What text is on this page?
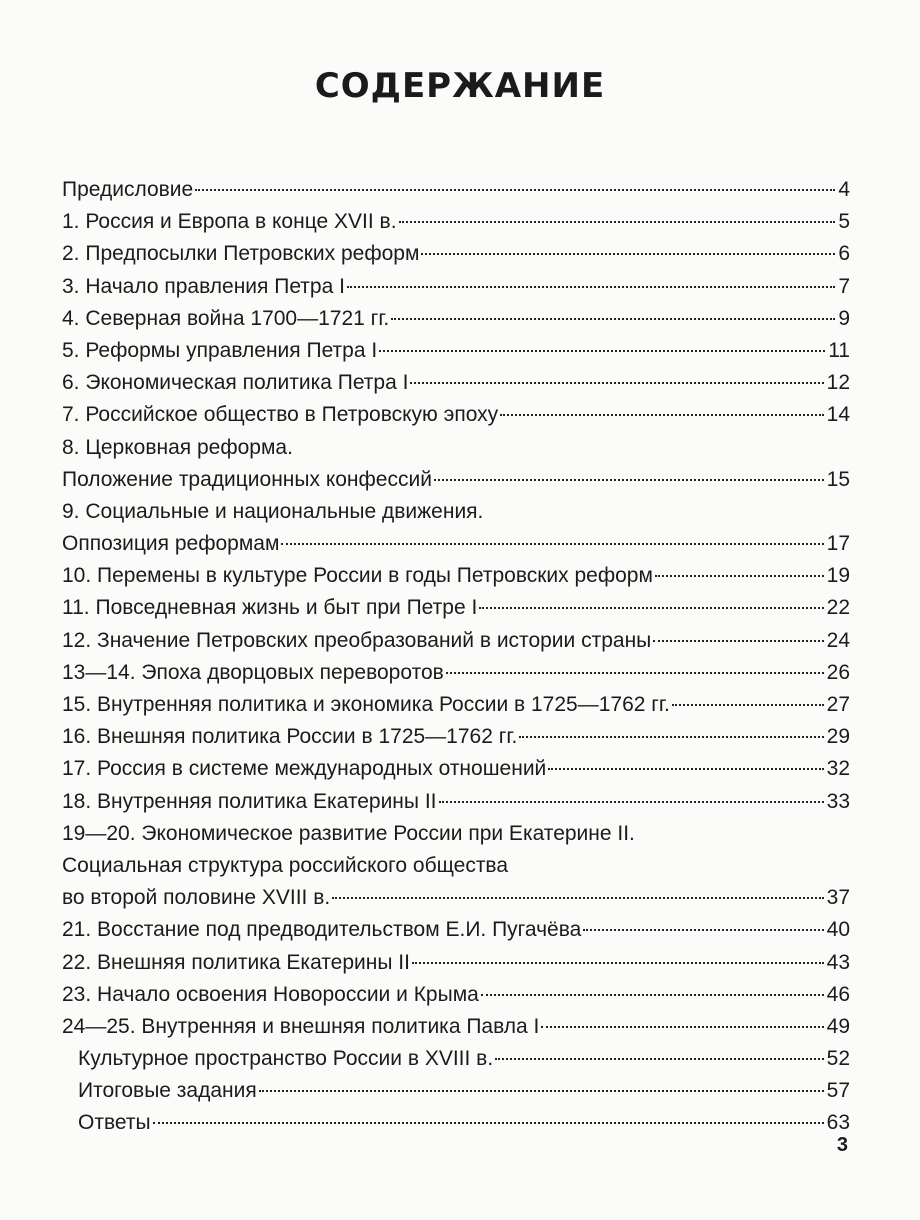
СОДЕРЖАНИЕ
Предисловие	4
1. Россия и Европа в конце XVII в.	5
2. Предпосылки Петровских реформ	6
3. Начало правления Петра I	7
4. Северная война 1700—1721 гг.	9
5. Реформы управления Петра I	11
6. Экономическая политика Петра I	12
7. Российское общество в Петровскую эпоху	14
8. Церковная реформа.
Положение традиционных конфессий	15
9. Социальные и национальные движения.
Оппозиция реформам	17
10. Перемены в культуре России в годы Петровских реформ	19
11. Повседневная жизнь и быт при Петре I	22
12. Значение Петровских преобразований в истории страны	24
13—14. Эпоха дворцовых переворотов	26
15. Внутренняя политика и экономика России в 1725—1762 гг.	27
16. Внешняя политика России в 1725—1762 гг.	29
17. Россия в системе международных отношений	32
18. Внутренняя политика Екатерины II	33
19—20. Экономическое развитие России при Екатерине II.
Социальная структура российского общества
во второй половине XVIII в.	37
21. Восстание под предводительством Е.И. Пугачёва	40
22. Внешняя политика Екатерины II	43
23. Начало освоения Новороссии и Крыма	46
24—25. Внутренняя и внешняя политика Павла I	49
Культурное пространство России в XVIII в.	52
Итоговые задания	57
Ответы	63
3
